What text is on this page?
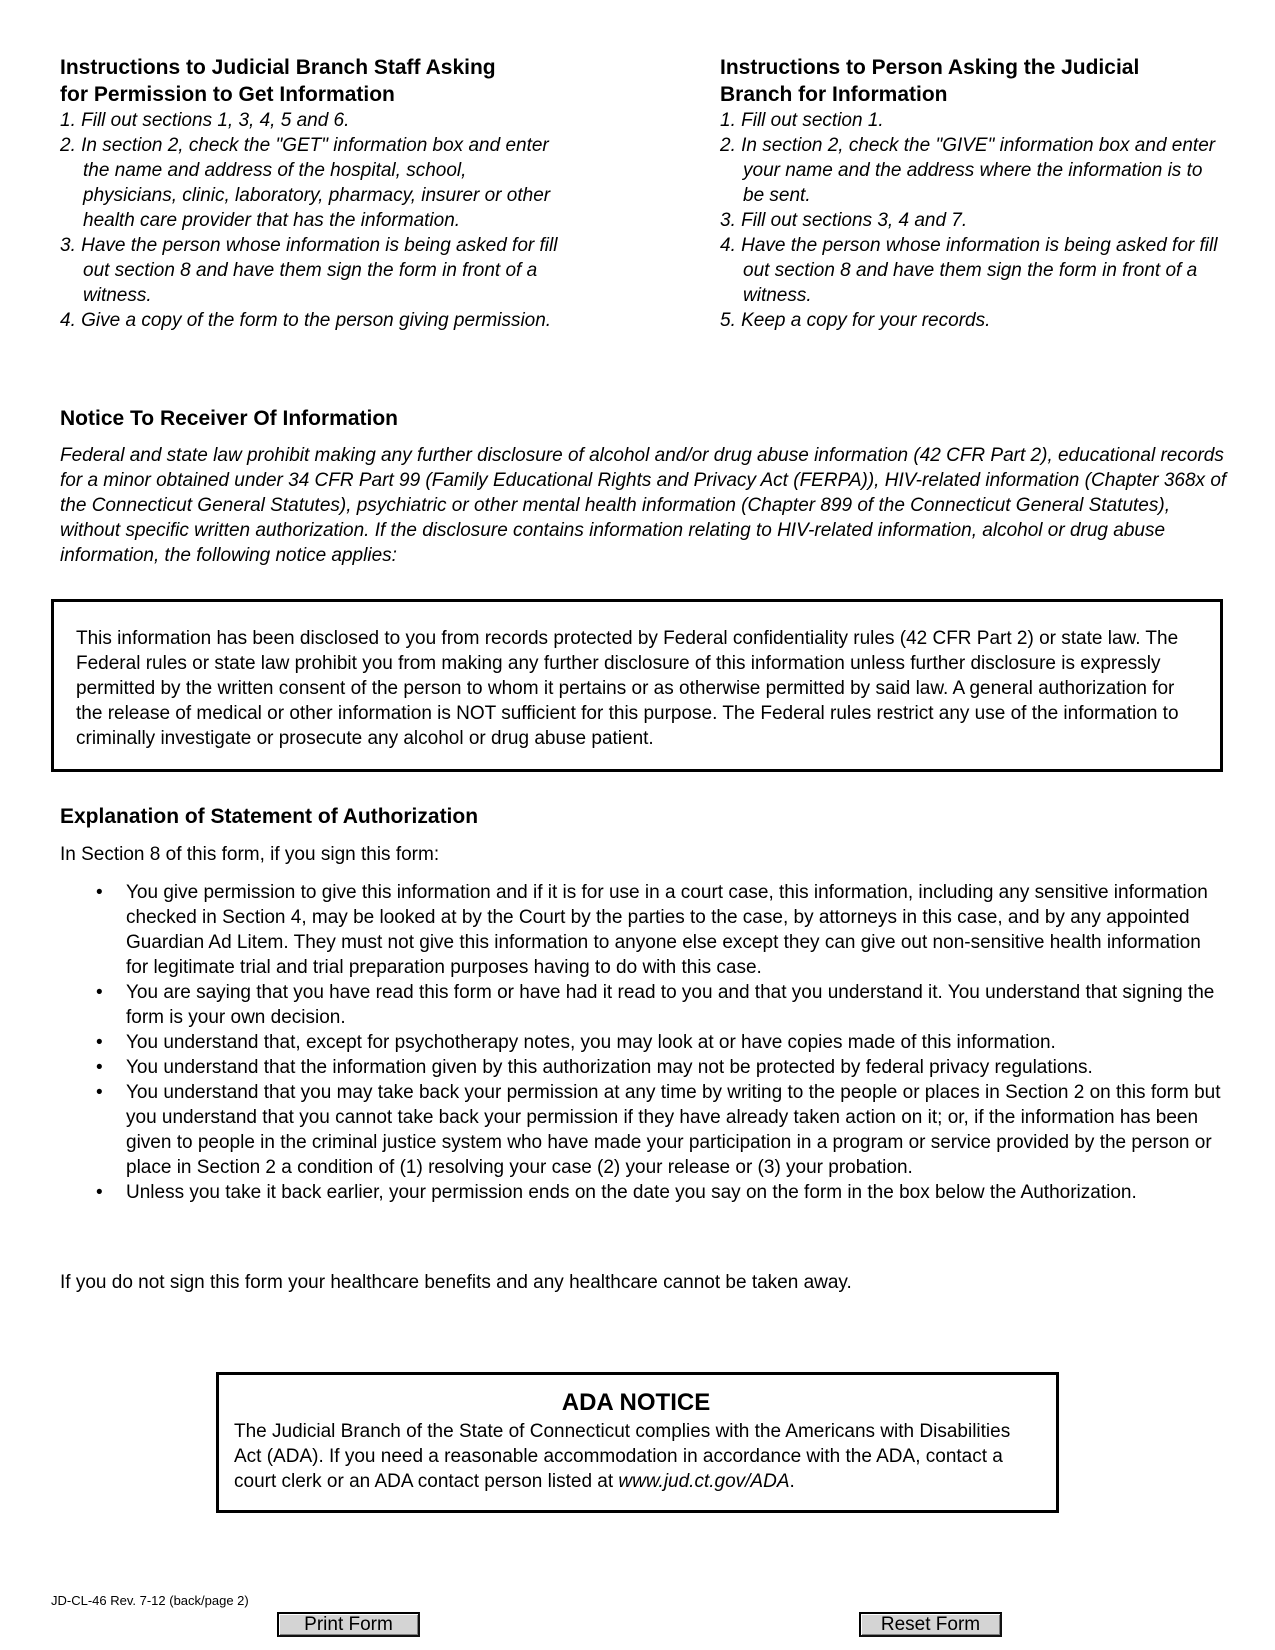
Instructions to Judicial Branch Staff Asking
for Permission to Get Information
1. Fill out sections 1, 3, 4, 5 and 6.
2. In section 2, check the "GET" information box and enter the name and address of the hospital, school, physicians, clinic, laboratory, pharmacy, insurer or other health care provider that has the information.
3. Have the person whose information is being asked for fill out section 8 and have them sign the form in front of a witness.
4. Give a copy of the form to the person giving permission.
Instructions to Person Asking the Judicial
Branch for Information
1. Fill out section 1.
2. In section 2, check the "GIVE" information box and enter your name and the address where the information is to be sent.
3. Fill out sections 3, 4 and 7.
4. Have the person whose information is being asked for fill out section 8 and have them sign the form in front of a witness.
5. Keep a copy for your records.
Notice To Receiver Of Information

Federal and state law prohibit making any further disclosure of alcohol and/or drug abuse information (42 CFR Part 2), educational records for a minor obtained under 34 CFR Part 99 (Family Educational Rights and Privacy Act (FERPA)), HIV-related information (Chapter 368x of the Connecticut General Statutes), psychiatric or other mental health information (Chapter 899 of the Connecticut General Statutes), without specific written authorization. If the disclosure contains information relating to HIV-related information, alcohol or drug abuse information, the following notice applies:

This information has been disclosed to you from records protected by Federal confidentiality rules (42 CFR Part 2) or state law. The Federal rules or state law prohibit you from making any further disclosure of this information unless further disclosure is expressly permitted by the written consent of the person to whom it pertains or as otherwise permitted by said law. A general authorization for the release of medical or other information is NOT sufficient for this purpose. The Federal rules restrict any use of the information to criminally investigate or prosecute any alcohol or drug abuse patient.

Explanation of Statement of Authorization

In Section 8 of this form, if you sign this form:

• You give permission to give this information and if it is for use in a court case, this information, including any sensitive information checked in Section 4, may be looked at by the Court by the parties to the case, by attorneys in this case, and by any appointed Guardian Ad Litem. They must not give this information to anyone else except they can give out non-sensitive health information for legitimate trial and trial preparation purposes having to do with this case.
• You are saying that you have read this form or have had it read to you and that you understand it. You understand that signing the form is your own decision.
• You understand that, except for psychotherapy notes, you may look at or have copies made of this information.
• You understand that the information given by this authorization may not be protected by federal privacy regulations.
• You understand that you may take back your permission at any time by writing to the people or places in Section 2 on this form but you understand that you cannot take back your permission if they have already taken action on it; or, if the information has been given to people in the criminal justice system who have made your participation in a program or service provided by the person or place in Section 2 a condition of (1) resolving your case (2) your release or (3) your probation.
• Unless you take it back earlier, your permission ends on the date you say on the form in the box below the Authorization.

If you do not sign this form your healthcare benefits and any healthcare cannot be taken away.

ADA NOTICE

The Judicial Branch of the State of Connecticut complies with the Americans with Disabilities Act (ADA). If you need a reasonable accommodation in accordance with the ADA, contact a court clerk or an ADA contact person listed at www.jud.ct.gov/ADA.

JD-CL-46 Rev. 7-12 (back/page 2)

Print Form	Reset Form
